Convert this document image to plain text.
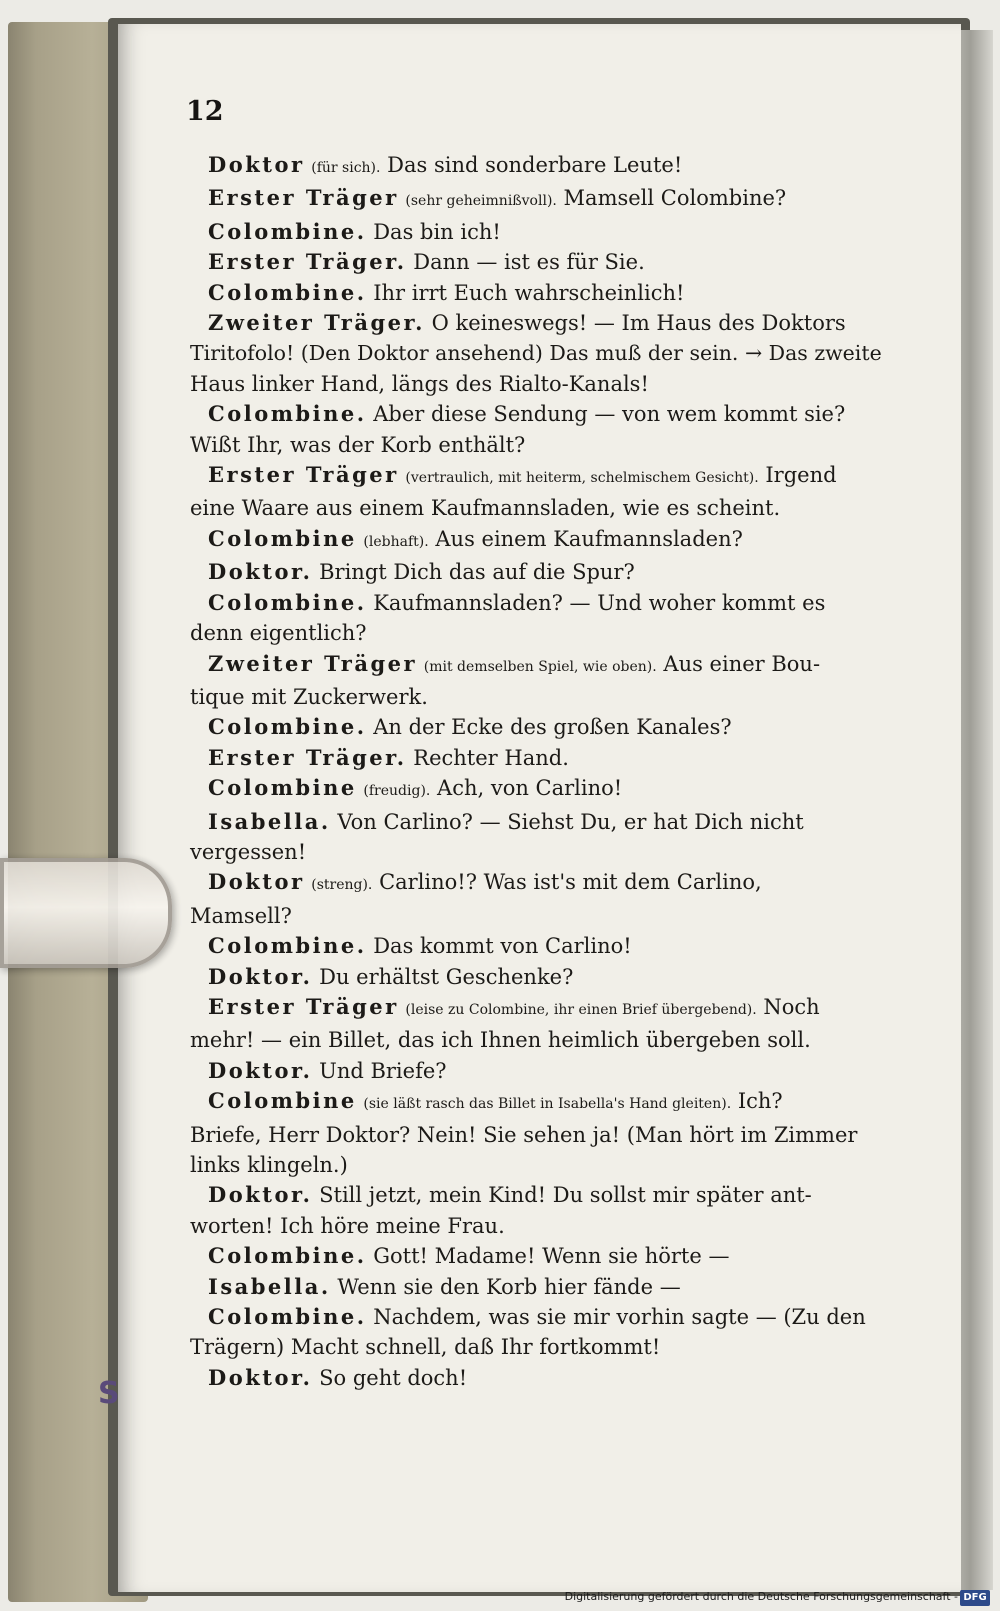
12
Doktor (für sich). Das sind sonderbare Leute!
Erster Träger (sehr geheimnißvoll). Mamsell Colombine?
Colombine. Das bin ich!
Erster Träger. Dann — ist es für Sie.
Colombine. Ihr irrt Euch wahrscheinlich!
Zweiter Träger. O keineswegs! — Im Haus des Doktors
Tiritofolo! (Den Doktor ansehend) Das muß der sein. → Das zweite
Haus linker Hand, längs des Rialto-Kanals!
Colombine. Aber diese Sendung — von wem kommt sie?
Wißt Ihr, was der Korb enthält?
Erster Träger (vertraulich, mit heiterm, schelmischem Gesicht). Irgend
eine Waare aus einem Kaufmannsladen, wie es scheint.
Colombine (lebhaft). Aus einem Kaufmannsladen?
Doktor. Bringt Dich das auf die Spur?
Colombine. Kaufmannsladen? — Und woher kommt es
denn eigentlich?
Zweiter Träger (mit demselben Spiel, wie oben). Aus einer Bou-
tique mit Zuckerwerk.
Colombine. An der Ecke des großen Kanales?
Erster Träger. Rechter Hand.
Colombine (freudig). Ach, von Carlino!
Isabella. Von Carlino? — Siehst Du, er hat Dich nicht
vergessen!
Doktor (streng). Carlino!? Was ist's mit dem Carlino,
Mamsell?
Colombine. Das kommt von Carlino!
Doktor. Du erhältst Geschenke?
Erster Träger (leise zu Colombine, ihr einen Brief übergebend). Noch
mehr! — ein Billet, das ich Ihnen heimlich übergeben soll.
Doktor. Und Briefe?
Colombine (sie läßt rasch das Billet in Isabella's Hand gleiten). Ich?
Briefe, Herr Doktor? Nein! Sie sehen ja! (Man hört im Zimmer
links klingeln.)
Doktor. Still jetzt, mein Kind! Du sollst mir später ant-
worten! Ich höre meine Frau.
Colombine. Gott! Madame! Wenn sie hörte —
Isabella. Wenn sie den Korb hier fände —
Colombine. Nachdem, was sie mir vorhin sagte — (Zu den
Trägern) Macht schnell, daß Ihr fortkommt!
Doktor. So geht doch!
S
Digitalisierung gefördert durch die Deutsche Forschungsgemeinschaft - DFG
